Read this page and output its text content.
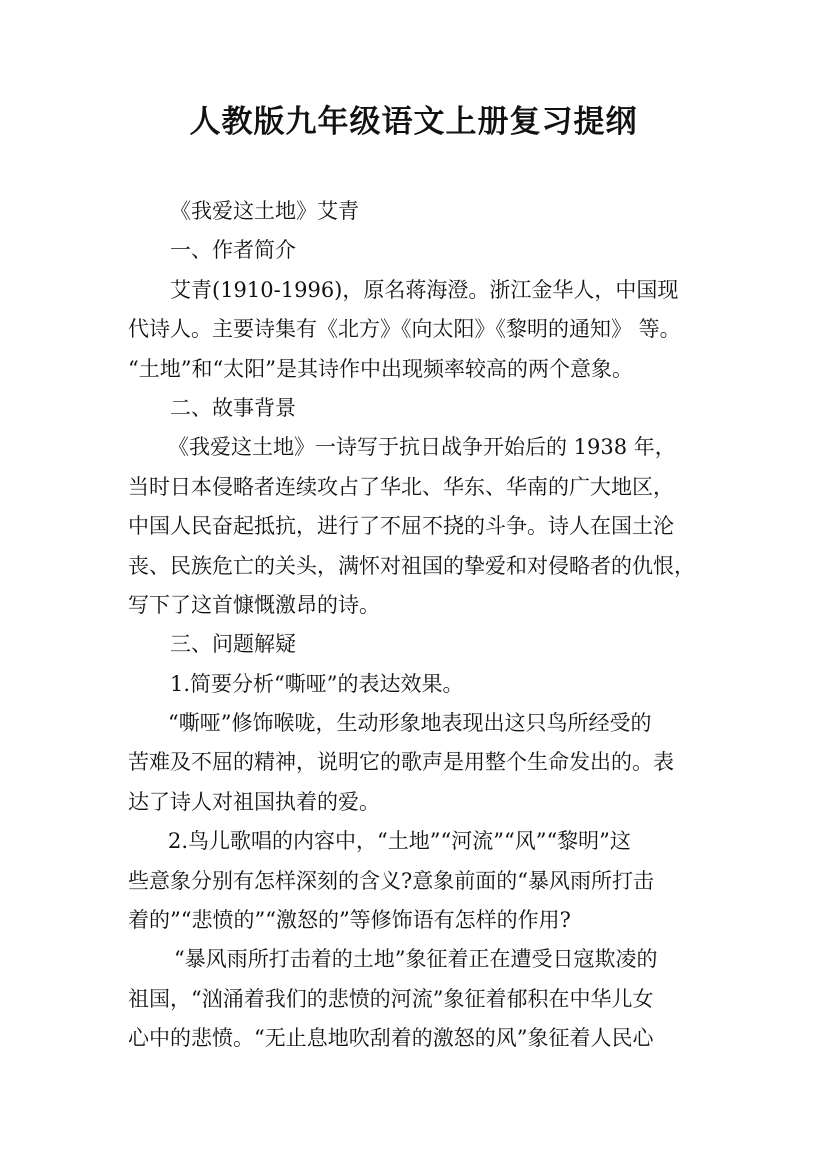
人教版九年级语文上册复习提纲
《我爱这土地》艾青
一、作者简介
艾青(1910-1996)，原名蒋海澄。浙江金华人，中国现
代诗人。主要诗集有《北方》《向太阳》《黎明的通知》 等。
“土地”和“太阳”是其诗作中出现频率较高的两个意象。
二、故事背景
《我爱这土地》一诗写于抗日战争开始后的 1938 年，
当时日本侵略者连续攻占了华北、华东、华南的广大地区，
中国人民奋起抵抗，进行了不屈不挠的斗争。诗人在国土沦
丧、民族危亡的关头，满怀对祖国的挚爱和对侵略者的仇恨，
写下了这首慷慨激昂的诗。
三、问题解疑
1.简要分析“嘶哑”的表达效果。
“嘶哑”修饰喉咙，生动形象地表现出这只鸟所经受的
苦难及不屈的精神，说明它的歌声是用整个生命发出的。表
达了诗人对祖国执着的爱。
2.鸟儿歌唱的内容中，“土地”“河流”“风”“黎明”这
些意象分别有怎样深刻的含义?意象前面的“暴风雨所打击
着的”“悲愤的”“激怒的”等修饰语有怎样的作用?
“暴风雨所打击着的土地”象征着正在遭受日寇欺凌的
祖国，“汹涌着我们的悲愤的河流”象征着郁积在中华儿女
心中的悲愤。“无止息地吹刮着的激怒的风”象征着人民心
